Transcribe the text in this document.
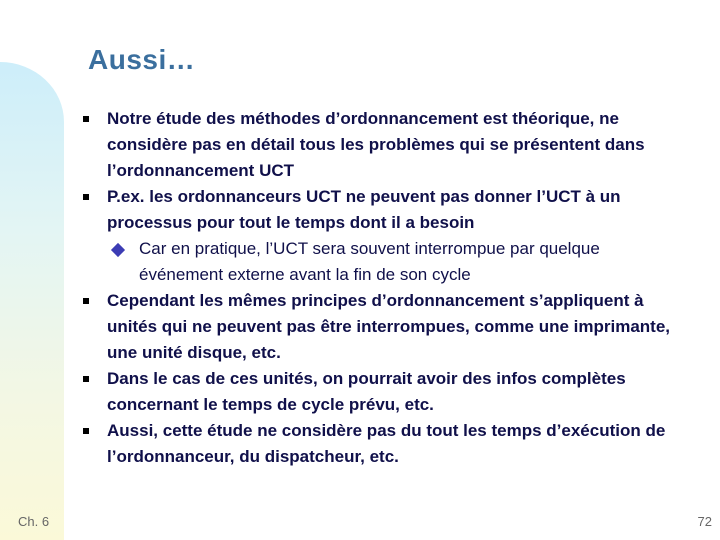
Aussi…
Notre étude des méthodes d’ordonnancement est théorique, ne considère pas en détail tous les problèmes qui se présentent dans l’ordonnancement UCT
P.ex. les ordonnanceurs UCT ne peuvent pas donner l’UCT à un processus pour tout le temps dont il a besoin
Car en pratique, l’UCT sera souvent interrompue par quelque événement externe avant la fin de son cycle
Cependant les mêmes principes d’ordonnancement s’appliquent à unités qui ne peuvent pas être interrompues, comme une imprimante, une unité disque, etc.
Dans le cas de ces unités, on pourrait avoir des infos complètes concernant le temps de cycle prévu, etc.
Aussi, cette étude ne considère pas du tout les temps d’exécution de l’ordonnanceur, du dispatcheur, etc.
Ch. 6	72
